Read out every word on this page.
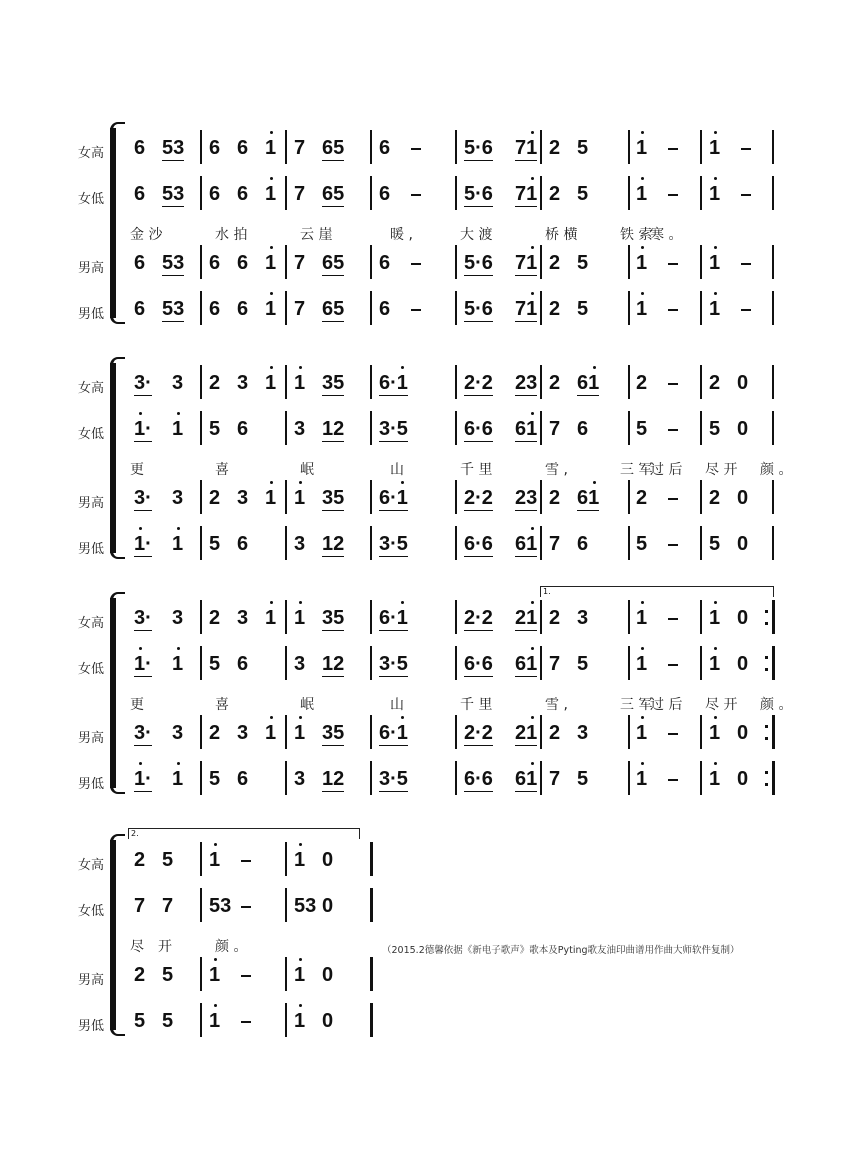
女高 6 53 6 6 1 7 65 6	5·6 71 2 5 1	1
女低 6 53 6 6 1 7 65 6	5·6 71 2 5 1	1
男高 6 53 6 6 1 7 65 6	5·6 71 2 5 1	1
男低 6 53 6 6 1 7 65 6	5·6 71 2 5 1	1
金 沙	水 拍	云 崖	暖 ,	大 渡	桥 横	铁 索
寒 。
女高 3· 3 2 3 1 1 35 6·1	2·2 23 2 61 2	2 0
女低 1· 1 5 6 3 12 3·5	6·6 61 7 6 5	5 0
男高 3· 3 2 3 1 1 35 6·1	2·2 23 2 61 2	2 0
男低 1· 1 5 6 3 12 3·5	6·6 61 7 6 5	5 0
更	喜	岷	山	千 里	雪 ,	三 军
过 后 尽 开 颜 。
1.
女高 3· 3 2 3 1 1 35 6·1	2·2 21 2 3 1	1 0
女低 1· 1 5 6 3 12 3·5	6·6 61 7 5 1	1 0
男高 3· 3 2 3 1 1 35 6·1	2·2 21 2 3 1	1 0
男低 1· 1 5 6 3 12 3·5	6·6 61 7 5 1	1 0
更	喜	岷	山	千 里	雪 ,	三 军
过 后 尽 开 颜 。
2.
女高 2 5 1	1 0
女低 7 7 53	53 0
男高 2 5 1	1 0
男低 5 5 1	1 0
尽 开	颜 。	（2015.2德馨依据《新电子歌声》歌本及Pyting歌友油印曲谱用作曲大师软件复制）
